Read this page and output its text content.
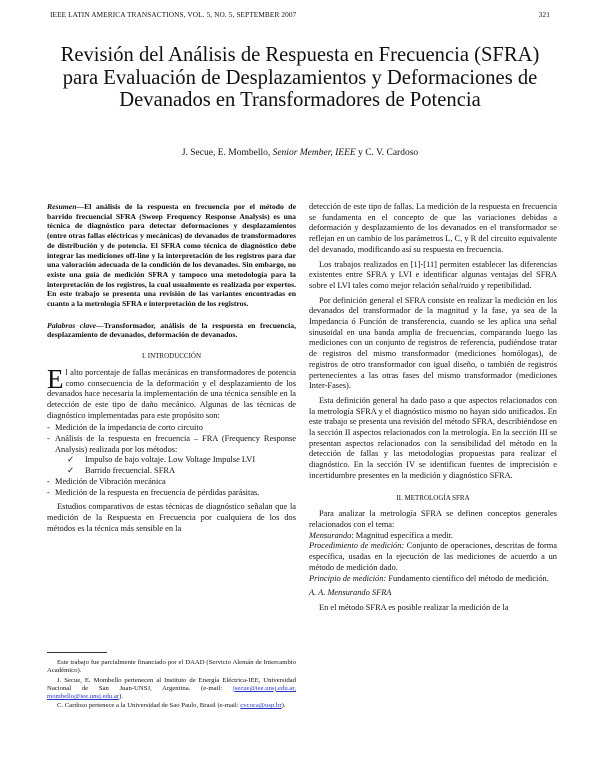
IEEE LATIN AMERICA TRANSACTIONS, VOL. 5, NO. 5, SEPTEMBER 2007	321
Revisión del Análisis de Respuesta en Frecuencia (SFRA) para Evaluación de Desplazamientos y Deformaciones de Devanados en Transformadores de Potencia
J. Secue, E. Mombello, Senior Member, IEEE y C. V. Cardoso

Resumen—El análisis de la respuesta en frecuencia por el método de barrido frecuencial SFRA (Sweep Frequency Response Analysis) es una técnica de diagnóstico para detectar deformaciones y desplazamientos (entre otras fallas eléctricas y mecánicas) de devanados de transformadores de distribución y de potencia. El SFRA como técnica de diagnóstico debe integrar las mediciones off-line y la interpretación de los registros para dar una valoración adecuada de la condición de los devanados. Sin embargo, no existe una guía de medición SFRA y tampoco una metodología para la interpretación de los registros, la cual usualmente es realizada por expertos. En este trabajo se presenta una revisión de las variantes encontradas en cuanto a la metrología SFRA e interpretación de los registros.

Palabras clave—Transformador, análisis de la respuesta en frecuencia, desplazamiento de devanados, deformación de devanados.

I. INTRODUCCIÓN

El alto porcentaje de fallas mecánicas en transformadores de potencia como consecuencia de la deformación y el desplazamiento de los devanados hace necesaria la implementación de una técnica sensible en la detección de este tipo de daño mecánico. Algunas de las técnicas de diagnóstico implementadas para este propósito son:

- Medición de la impedancia de corto circuito
- Análisis de la respuesta en frecuencia – FRA (Frequency Response Analysis) realizada por los métodos:
✓ Impulso de bajo voltaje. Low Voltage Impulse LVI
✓ Barrido frecuencial. SFRA
- Medición de Vibración mecánica
- Medición de la respuesta en frecuencia de pérdidas parásitas.

Estudios comparativos de estas técnicas de diagnóstico señalan que la medición de la Respuesta en Frecuencia por cualquiera de los dos métodos es la técnica más sensible en la

detección de este tipo de fallas. La medición de la respuesta en frecuencia se fundamenta en el concepto de que las variaciones debidas a deformación y desplazamiento de los devanados en el transformador se reflejan en un cambio de los parámetros L, C, y R del circuito equivalente del devanado, modificando así su respuesta en frecuencia.

Los trabajos realizados en [1]-[11] permiten establecer las diferencias existentes entre SFRA y LVI e identificar algunas ventajas del SFRA sobre el LVI tales como mejor relación señal/ruido y repetibilidad.

Por definición general el SFRA consiste en realizar la medición en los devanados del transformador de la magnitud y la fase, ya sea de la Impedancia ó Función de transferencia, cuando se les aplica una señal sinusoidal en una banda amplia de frecuencias, comparando luego las mediciones con un conjunto de registros de referencia, pudiéndose tratar de registros del mismo transformador (mediciones homólogas), de registros de otro transformador con igual diseño, o también de registros pertenecientes a las otras fases del mismo transformador (mediciones Inter-Fases).

Esta definición general ha dado paso a que aspectos relacionados con la metrología SFRA y el diagnóstico mismo no hayan sido unificados. En este trabajo se presenta una revisión del método SFRA, describiéndose en la sección II aspectos relacionados con la metrología. En la sección III se presentan aspectos relacionados con la sensibilidad del método en la detección de fallas y las metodologías propuestas para realizar el diagnóstico. En la sección IV se identifican fuentes de imprecisión e incertidumbre presentes en la medición y diagnóstico SFRA.

II. METROLOGÍA SFRA

Para analizar la metrología SFRA se definen conceptos generales relacionados con el tema:

Mensurando: Magnitud específica a medir.

Procedimiento de medición: Conjunto de operaciones, descritas de forma específica, usadas en la ejecución de las mediciones de acuerdo a un método de medición dado.

Principio de medición: Fundamento científico del método de medición.

A. A. Mensurando SFRA

En el método SFRA es posible realizar la medición de la

Este trabajo fue parcialmente financiado por el DAAD (Servicio Alemán de Intercambio Académico).

J. Secue, E. Mombello pertenecen al Instituto de Energía Eléctrica-IEE, Universidad Nacional de San Juan-UNSJ, Argentina. (e-mail: jsecue@iee.unsj.edu.ar, mombello@iee.unsj.edu.ar).

C. Cardoso pertenece a la Universidad de Sao Paulo, Brasil (e-mail: cvcoca@usp.br).
